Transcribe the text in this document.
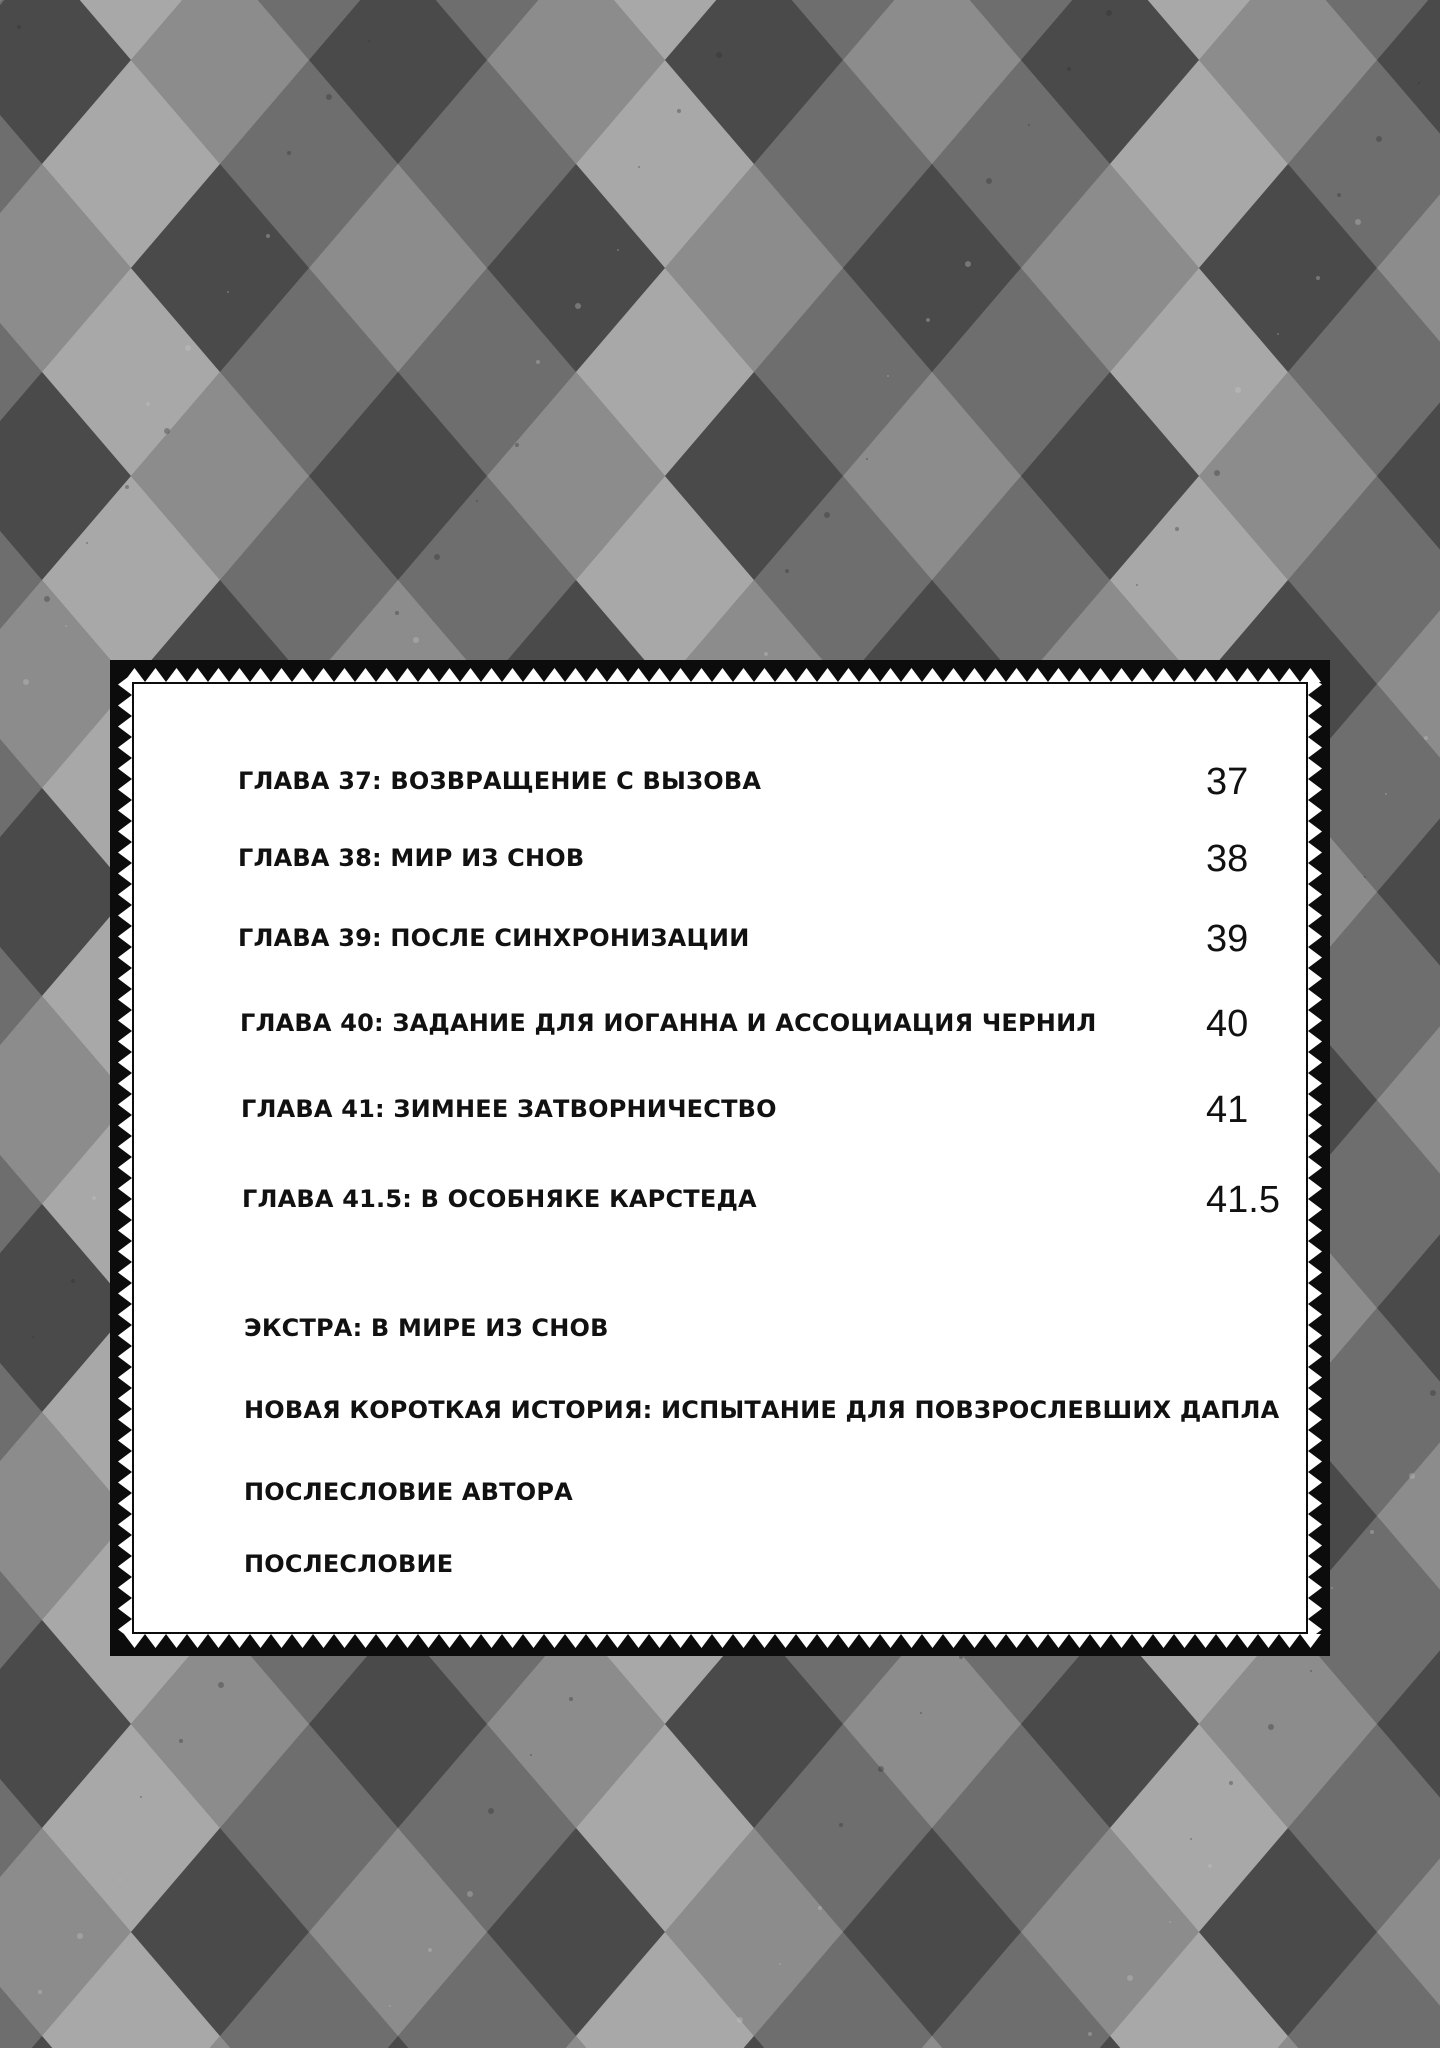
ГЛАВА 37: ВОЗВРАЩЕНИЕ С ВЫЗОВА	37
ГЛАВА 38: МИР ИЗ СНОВ	38
ГЛАВА 39: ПОСЛЕ СИНХРОНИЗАЦИИ	39
ГЛАВА 40: ЗАДАНИЕ ДЛЯ ИОГАННА И АССОЦИАЦИЯ ЧЕРНИЛ	40
ГЛАВА 41: ЗИМНЕЕ ЗАТВОРНИЧЕСТВО	41
ГЛАВА 41.5: В ОСОБНЯКЕ КАРСТЕДА	41.5
ЭКСТРА: В МИРЕ ИЗ СНОВ
НОВАЯ КОРОТКАЯ ИСТОРИЯ: ИСПЫТАНИЕ ДЛЯ ПОВЗРОСЛЕВШИХ ДАПЛА
ПОСЛЕСЛОВИЕ АВТОРА
ПОСЛЕСЛОВИЕ
